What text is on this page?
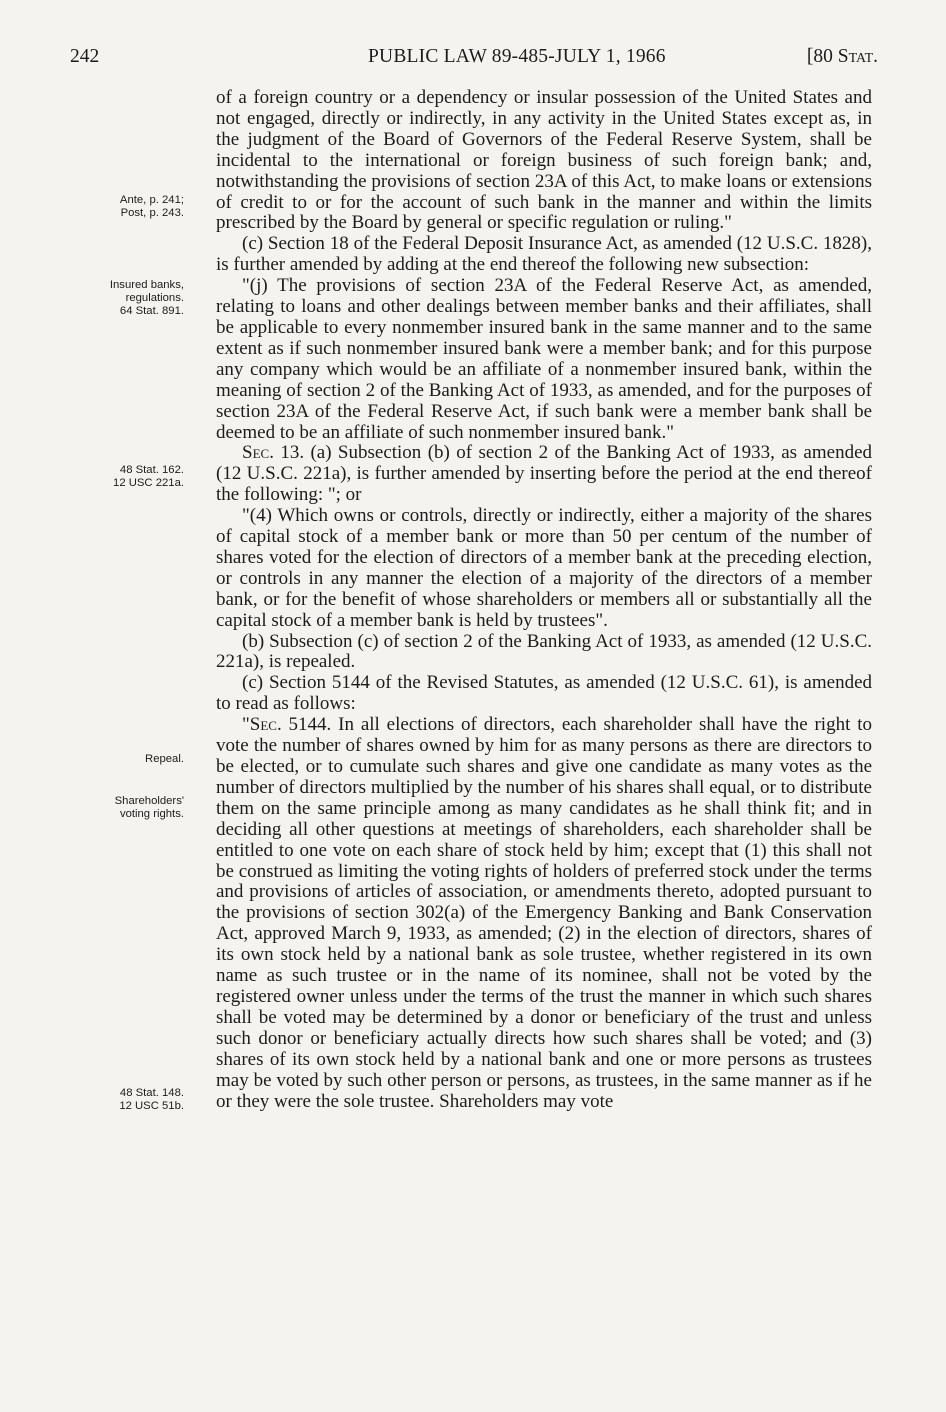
242	PUBLIC LAW 89-485-JULY 1, 1966	[80 Stat.
Ante, p. 241;
Post, p. 243.
Insured banks,
regulations.
64 Stat. 891.
48 Stat. 162.
12 USC 221a.
Repeal.
Shareholders'
voting rights.
48 Stat. 148.
12 USC 51b.

of a foreign country or a dependency or insular possession of the United States and not engaged, directly or indirectly, in any activity in the United States except as, in the judgment of the Board of Governors of the Federal Reserve System, shall be incidental to the international or foreign business of such foreign bank; and, notwithstanding the provisions of section 23A of this Act, to make loans or extensions of credit to or for the account of such bank in the manner and within the limits prescribed by the Board by general or specific regulation or ruling."

(c) Section 18 of the Federal Deposit Insurance Act, as amended (12 U.S.C. 1828), is further amended by adding at the end thereof the following new subsection:

"(j) The provisions of section 23A of the Federal Reserve Act, as amended, relating to loans and other dealings between member banks and their affiliates, shall be applicable to every nonmember insured bank in the same manner and to the same extent as if such nonmember insured bank were a member bank; and for this purpose any company which would be an affiliate of a nonmember insured bank, within the meaning of section 2 of the Banking Act of 1933, as amended, and for the purposes of section 23A of the Federal Reserve Act, if such bank were a member bank shall be deemed to be an affiliate of such nonmember insured bank."

Sec. 13. (a) Subsection (b) of section 2 of the Banking Act of 1933, as amended (12 U.S.C. 221a), is further amended by inserting before the period at the end thereof the following: "; or

"(4) Which owns or controls, directly or indirectly, either a majority of the shares of capital stock of a member bank or more than 50 per centum of the number of shares voted for the election of directors of a member bank at the preceding election, or controls in any manner the election of a majority of the directors of a member bank, or for the benefit of whose shareholders or members all or substantially all the capital stock of a member bank is held by trustees".

(b) Subsection (c) of section 2 of the Banking Act of 1933, as amended (12 U.S.C. 221a), is repealed.

(c) Section 5144 of the Revised Statutes, as amended (12 U.S.C. 61), is amended to read as follows:

"Sec. 5144. In all elections of directors, each shareholder shall have the right to vote the number of shares owned by him for as many persons as there are directors to be elected, or to cumulate such shares and give one candidate as many votes as the number of directors multiplied by the number of his shares shall equal, or to distribute them on the same principle among as many candidates as he shall think fit; and in deciding all other questions at meetings of shareholders, each shareholder shall be entitled to one vote on each share of stock held by him; except that (1) this shall not be construed as limiting the voting rights of holders of preferred stock under the terms and provisions of articles of association, or amendments thereto, adopted pursuant to the provisions of section 302(a) of the Emergency Banking and Bank Conservation Act, approved March 9, 1933, as amended; (2) in the election of directors, shares of its own stock held by a national bank as sole trustee, whether registered in its own name as such trustee or in the name of its nominee, shall not be voted by the registered owner unless under the terms of the trust the manner in which such shares shall be voted may be determined by a donor or beneficiary of the trust and unless such donor or beneficiary actually directs how such shares shall be voted; and (3) shares of its own stock held by a national bank and one or more persons as trustees may be voted by such other person or persons, as trustees, in the same manner as if he or they were the sole trustee. Shareholders may vote
